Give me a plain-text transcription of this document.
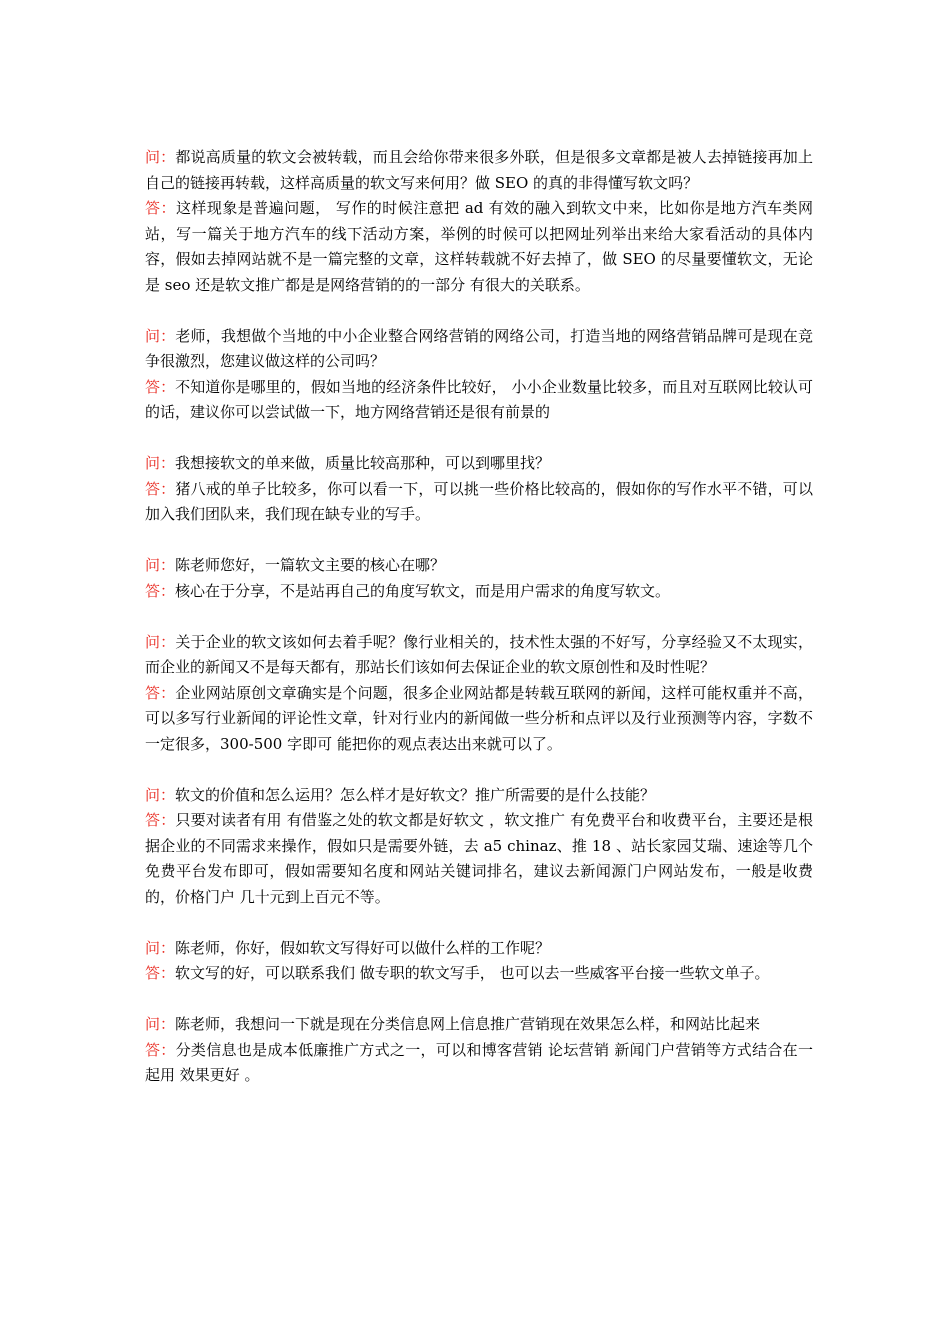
问：都说高质量的软文会被转载，而且会给你带来很多外联，但是很多文章都是被人去掉链接再加上自己的链接再转载，这样高质量的软文写来何用？做 SEO 的真的非得懂写软文吗？

答：这样现象是普遍问题， 写作的时候注意把 ad 有效的融入到软文中来，比如你是地方汽车类网站，写一篇关于地方汽车的线下活动方案，举例的时候可以把网址列举出来给大家看活动的具体内容，假如去掉网站就不是一篇完整的文章，这样转载就不好去掉了，做 SEO 的尽量要懂软文，无论是 seo 还是软文推广都是是网络营销的的一部分 有很大的关联系。

问：老师，我想做个当地的中小企业整合网络营销的网络公司，打造当地的网络营销品牌可是现在竞争很激烈，您建议做这样的公司吗？

答：不知道你是哪里的，假如当地的经济条件比较好， 小小企业数量比较多，而且对互联网比较认可的话，建议你可以尝试做一下，地方网络营销还是很有前景的

问：我想接软文的单来做，质量比较高那种，可以到哪里找？

答：猪八戒的单子比较多，你可以看一下，可以挑一些价格比较高的，假如你的写作水平不错，可以加入我们团队来，我们现在缺专业的写手。

问：陈老师您好，一篇软文主要的核心在哪？

答：核心在于分享，不是站再自己的角度写软文，而是用户需求的角度写软文。

问：关于企业的软文该如何去着手呢？像行业相关的，技术性太强的不好写，分享经验又不太现实，而企业的新闻又不是每天都有，那站长们该如何去保证企业的软文原创性和及时性呢？

答：企业网站原创文章确实是个问题，很多企业网站都是转载互联网的新闻，这样可能权重并不高，可以多写行业新闻的评论性文章，针对行业内的新闻做一些分析和点评以及行业预测等内容，字数不一定很多，300-500 字即可 能把你的观点表达出来就可以了。

问：软文的价值和怎么运用？怎么样才是好软文？推广所需要的是什么技能？

答：只要对读者有用 有借鉴之处的软文都是好软文 ，软文推广 有免费平台和收费平台，主要还是根据企业的不同需求来操作，假如只是需要外链，去 a5 chinaz、推 18 、站长家园艾瑞、速途等几个免费平台发布即可，假如需要知名度和网站关键词排名，建议去新闻源门户网站发布，一般是收费的，价格门户 几十元到上百元不等。

问：陈老师，你好，假如软文写得好可以做什么样的工作呢？

答：软文写的好，可以联系我们 做专职的软文写手， 也可以去一些威客平台接一些软文单子。

问：陈老师，我想问一下就是现在分类信息网上信息推广营销现在效果怎么样，和网站比起来

答：分类信息也是成本低廉推广方式之一，可以和博客营销 论坛营销 新闻门户营销等方式结合在一起用 效果更好 。
